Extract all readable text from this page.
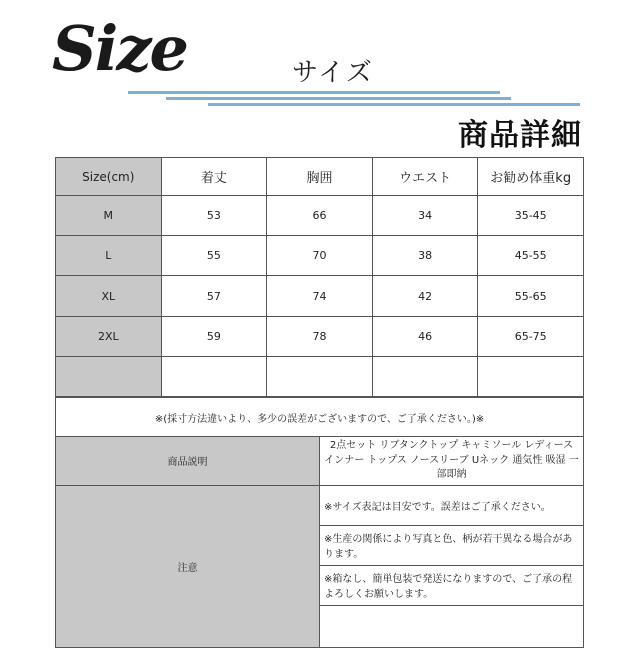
Size	サイズ
商品詳細
Size(cm)	着丈	胸囲	ウエスト	お勧め体重kg
M	53	66	34	35-45
L	55	70	38	45-55
XL	57	74	42	55-65
2XL	59	78	46	65-75

※(採寸方法違いより、多少の誤差がございますので、ご了承ください。)※	
商品説明	2点セット リブタンクトップ キャミソール レディース インナー トップス ノースリーブ Uネック 通気性 吸湿 一部即納
注意	※サイズ表記は目安です。誤差はご了承ください。
	※生産の関係により写真と色、柄が若干異なる場合があります。
	※箱なし、簡単包装で発送になりますので、ご了承の程よろしくお願いします。
